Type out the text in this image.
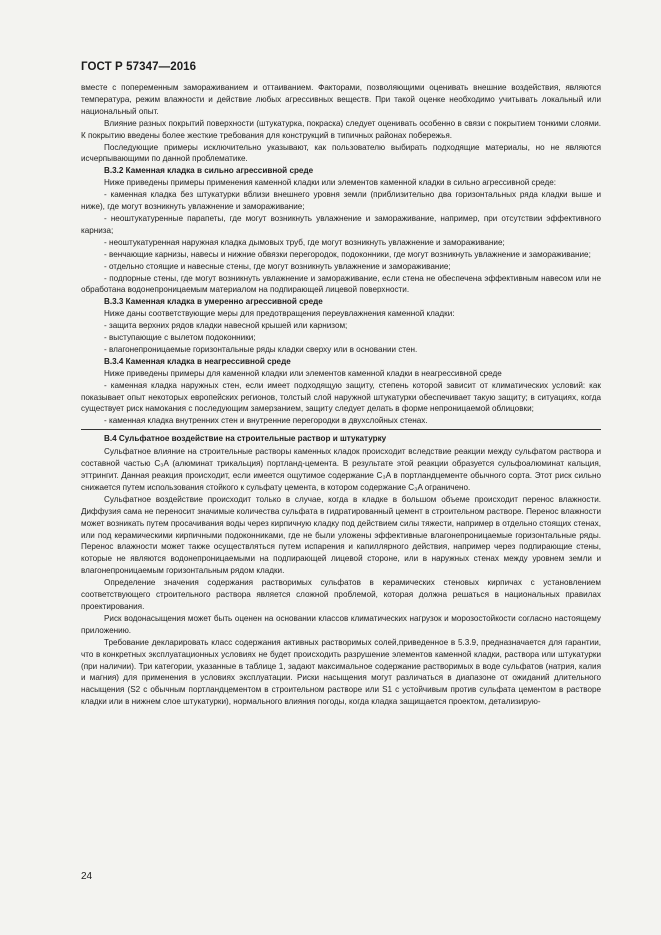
ГОСТ Р 57347—2016

вместе с попеременным замораживанием и оттаиванием. Факторами, позволяющими оценивать внешние воздействия, являются температура, режим влажности и действие любых агрессивных веществ. При такой оценке необходимо учитывать локальный или национальный опыт.

Влияние разных покрытий поверхности (штукатурка, покраска) следует оценивать особенно в связи с покрытием тонкими слоями. К покрытию введены более жесткие требования для конструкций в типичных районах побережья.

Последующие примеры исключительно указывают, как пользователю выбирать подходящие материалы, но не являются исчерпывающими по данной проблематике.

В.3.2 Каменная кладка в сильно агрессивной среде

Ниже приведены примеры применения каменной кладки или элементов каменной кладки в сильно агрессивной среде:

- каменная кладка без штукатурки вблизи внешнего уровня земли (приблизительно два горизонтальных ряда кладки выше и ниже), где могут возникнуть увлажнение и замораживание;

- неоштукатуренные парапеты, где могут возникнуть увлажнение и замораживание, например, при отсутствии эффективного карниза;

- неоштукатуренная наружная кладка дымовых труб, где могут возникнуть увлажнение и замораживание;

- венчающие карнизы, навесы и нижние обвязки перегородок, подоконники, где могут возникнуть увлажнение и замораживание;

- отдельно стоящие и навесные стены, где могут возникнуть увлажнение и замораживание;

- подпорные стены, где могут возникнуть увлажнение и замораживание, если стена не обеспечена эффективным навесом или не обработана водонепроницаемым материалом на подпирающей лицевой поверхности.

В.3.3 Каменная кладка в умеренно агрессивной среде

Ниже даны соответствующие меры для предотвращения переувлажнения каменной кладки:

- защита верхних рядов кладки навесной крышей или карнизом;

- выступающие с вылетом подоконники;

- влагонепроницаемые горизонтальные ряды кладки сверху или в основании стен.

В.3.4 Каменная кладка в неагрессивной среде

Ниже приведены примеры для каменной кладки или элементов каменной кладки в неагрессивной среде

- каменная кладка наружных стен, если имеет подходящую защиту, степень которой зависит от климатических условий: как показывает опыт некоторых европейских регионов, толстый слой наружной штукатурки обеспечивает такую защиту; в ситуациях, когда существует риск намокания с последующим замерзанием, защиту следует делать в форме непроницаемой облицовки;

- каменная кладка внутренних стен и внутренние перегородки в двухслойных стенах.

В.4 Сульфатное воздействие на строительные раствор и штукатурку

Сульфатное влияние на строительные растворы каменных кладок происходит вследствие реакции между сульфатом раствора и составной частью C₃A (алюминат трикальция) портланд-цемента. В результате этой реакции образуется сульфоалюминат кальция, эттрингит. Данная реакция происходит, если имеется ощутимое содержание C₃A в портландцементе обычного сорта. Этот риск сильно снижается путем использования стойкого к сульфату цемента, в котором содержание C₃A ограничено.

Сульфатное воздействие происходит только в случае, когда в кладке в большом объеме происходит перенос влажности. Диффузия сама не переносит значимые количества сульфата в гидратированный цемент в строительном растворе. Перенос влажности может возникать путем просачивания воды через кирпичную кладку под действием силы тяжести, например в отдельно стоящих стенах, или под керамическими кирпичными подоконниками, где не были уложены эффективные влагонепроницаемые горизонтальные ряды. Перенос влажности может также осуществляться путем испарения и капиллярного действия, например через подпирающие стены, которые не являются водонепроницаемыми на подпирающей лицевой стороне, или в наружных стенах между уровнем земли и влагонепроницаемым горизонтальным рядом кладки.

Определение значения содержания растворимых сульфатов в керамических стеновых кирпичах с установлением соответствующего строительного раствора является сложной проблемой, которая должна решаться в национальных правилах проектирования.

Риск водонасыщения может быть оценен на основании классов климатических нагрузок и морозостойкости согласно настоящему приложению.

Требование декларировать класс содержания активных растворимых солей,приведенное в 5.3.9, предназначается для гарантии, что в конкретных эксплуатационных условиях не будет происходить разрушение элементов каменной кладки, раствора или штукатурки (при наличии). Три категории, указанные в таблице 1, задают максимальное содержание растворимых в воде сульфатов (натрия, калия и магния) для применения в условиях эксплуатации. Риски насыщения могут различаться в диапазоне от ожиданий длительного насыщения (S2 с обычным портландцементом в строительном растворе или S1 с устойчивым против сульфата цементом в растворе кладки или в нижнем слое штукатурки), нормального влияния погоды, когда кладка защищается проектом, детализирую-

24
